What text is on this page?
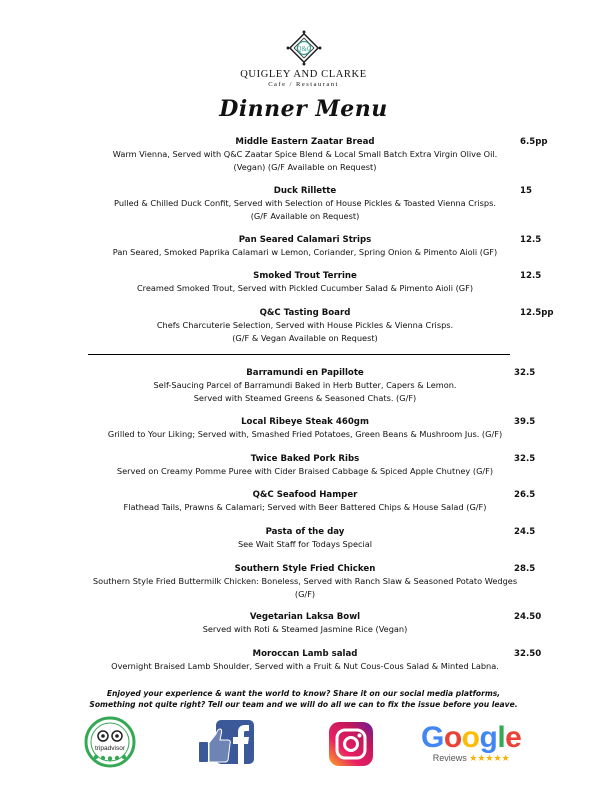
Q&C
QUIGLEY AND CLARKE
Cafe / Restaurant
Dinner Menu
Middle Eastern Zaatar Bread
Warm Vienna, Served with Q&C Zaatar Spice Blend & Local Small Batch Extra Virgin Olive Oil.
(Vegan) (G/F Available on Request)
6.5pp
Duck Rillette
Pulled & Chilled Duck Confit, Served with Selection of House Pickles & Toasted Vienna Crisps.
(G/F Available on Request)
15
Pan Seared Calamari Strips
Pan Seared, Smoked Paprika Calamari w Lemon, Coriander, Spring Onion & Pimento Aioli (GF)
12.5
Smoked Trout Terrine
Creamed Smoked Trout, Served with Pickled Cucumber Salad & Pimento Aioli (GF)
12.5
Q&C Tasting Board
Chefs Charcuterie Selection, Served with House Pickles & Vienna Crisps.
(G/F & Vegan Available on Request)
12.5pp
Barramundi en Papillote
Self-Saucing Parcel of Barramundi Baked in Herb Butter, Capers & Lemon.
Served with Steamed Greens & Seasoned Chats. (G/F)
32.5
Local Ribeye Steak 460gm
Grilled to Your Liking; Served with, Smashed Fried Potatoes, Green Beans & Mushroom Jus. (G/F)
39.5
Twice Baked Pork Ribs
Served on Creamy Pomme Puree with Cider Braised Cabbage & Spiced Apple Chutney (G/F)
32.5
Q&C Seafood Hamper
Flathead Tails, Prawns & Calamari; Served with Beer Battered Chips & House Salad (G/F)
26.5
Pasta of the day
See Wait Staff for Todays Special
24.5
Southern Style Fried Chicken
Southern Style Fried Buttermilk Chicken: Boneless, Served with Ranch Slaw & Seasoned Potato Wedges
(G/F)
28.5
Vegetarian Laksa Bowl
Served with Roti & Steamed Jasmine Rice (Vegan)
24.50
Moroccan Lamb salad
Overnight Braised Lamb Shoulder, Served with a Fruit & Nut Cous-Cous Salad & Minted Labna.
32.50
Enjoyed your experience & want the world to know? Share it on our social media platforms,
Something not quite right? Tell our team and we will do all we can to fix the issue before you leave.
tripadvisor	Google
Reviews ★★★★★
